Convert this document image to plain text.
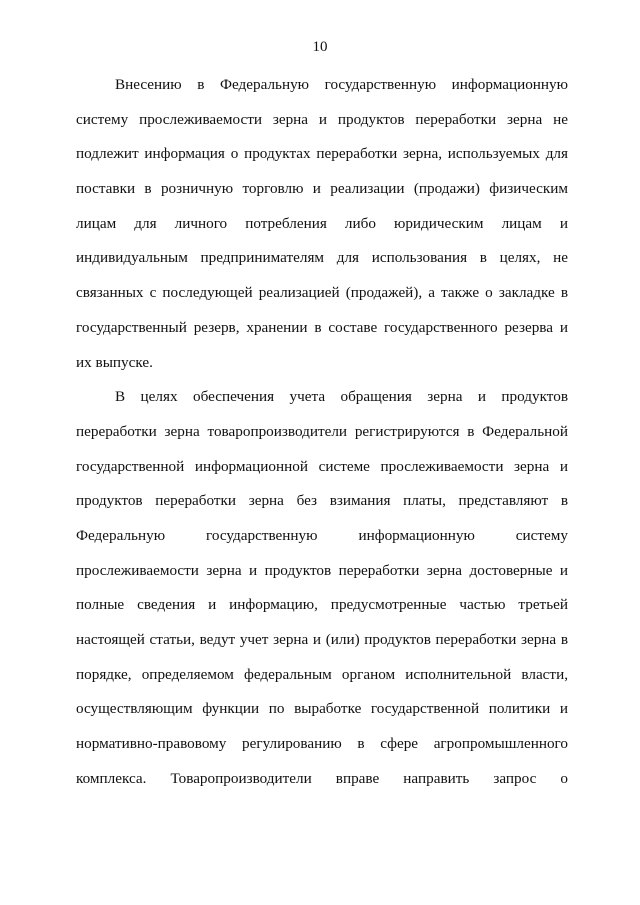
10
Внесению в Федеральную государственную информационную
систему прослеживаемости зерна и продуктов переработки зерна не
подлежит информация о продуктах переработки зерна, используемых для
поставки в розничную торговлю и реализации (продажи) физическим
лицам для личного потребления либо юридическим лицам и
индивидуальным предпринимателям для использования в целях, не
связанных с последующей реализацией (продажей), а также о закладке в
государственный резерв, хранении в составе государственного резерва и
их выпуске.
В целях обеспечения учета обращения зерна и продуктов
переработки зерна товаропроизводители регистрируются в Федеральной
государственной информационной системе прослеживаемости зерна и
продуктов переработки зерна без взимания платы, представляют в
Федеральную государственную информационную систему
прослеживаемости зерна и продуктов переработки зерна достоверные и
полные сведения и информацию, предусмотренные частью третьей
настоящей статьи, ведут учет зерна и (или) продуктов переработки зерна в
порядке, определяемом федеральным органом исполнительной власти,
осуществляющим функции по выработке государственной политики и
нормативно-правовому регулированию в сфере агропромышленного
комплекса. Товаропроизводители вправе направить запрос о
